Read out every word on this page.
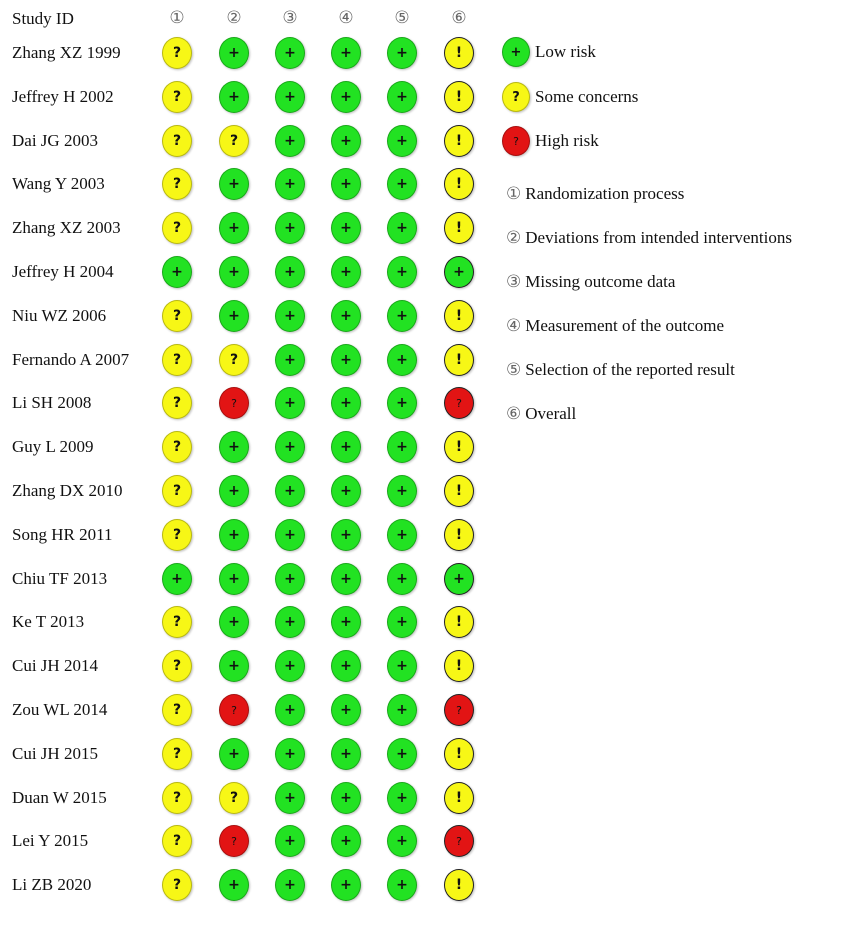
Study ID	①	②	③	④	⑤	⑥
Zhang XZ 1999	?	+	+	+	+	!
Jeffrey H 2002	?	+	+	+	+	!
Dai JG 2003	?	?	+	+	+	!
Wang Y 2003	?	+	+	+	+	!
Zhang XZ 2003	?	+	+	+	+	!
Jeffrey H 2004	+	+	+	+	+	+
Niu WZ 2006	?	+	+	+	+	!
Fernando A 2007	?	?	+	+	+	!
Li SH 2008	?	?	+	+	+	?
Guy L 2009	?	+	+	+	+	!
Zhang DX 2010	?	+	+	+	+	!
Song HR 2011	?	+	+	+	+	!
Chiu TF 2013	+	+	+	+	+	+
Ke T 2013	?	+	+	+	+	!
Cui JH 2014	?	+	+	+	+	!
Zou WL 2014	?	?	+	+	+	?
Cui JH 2015	?	+	+	+	+	!
Duan W 2015	?	?	+	+	+	!
Lei Y 2015	?	?	+	+	+	?
Li ZB 2020	?	+	+	+	+	!
+ Low risk
? Some concerns
? High risk
① Randomization process
② Deviations from intended interventions
③ Missing outcome data
④ Measurement of the outcome
⑤ Selection of the reported result
⑥ Overall
